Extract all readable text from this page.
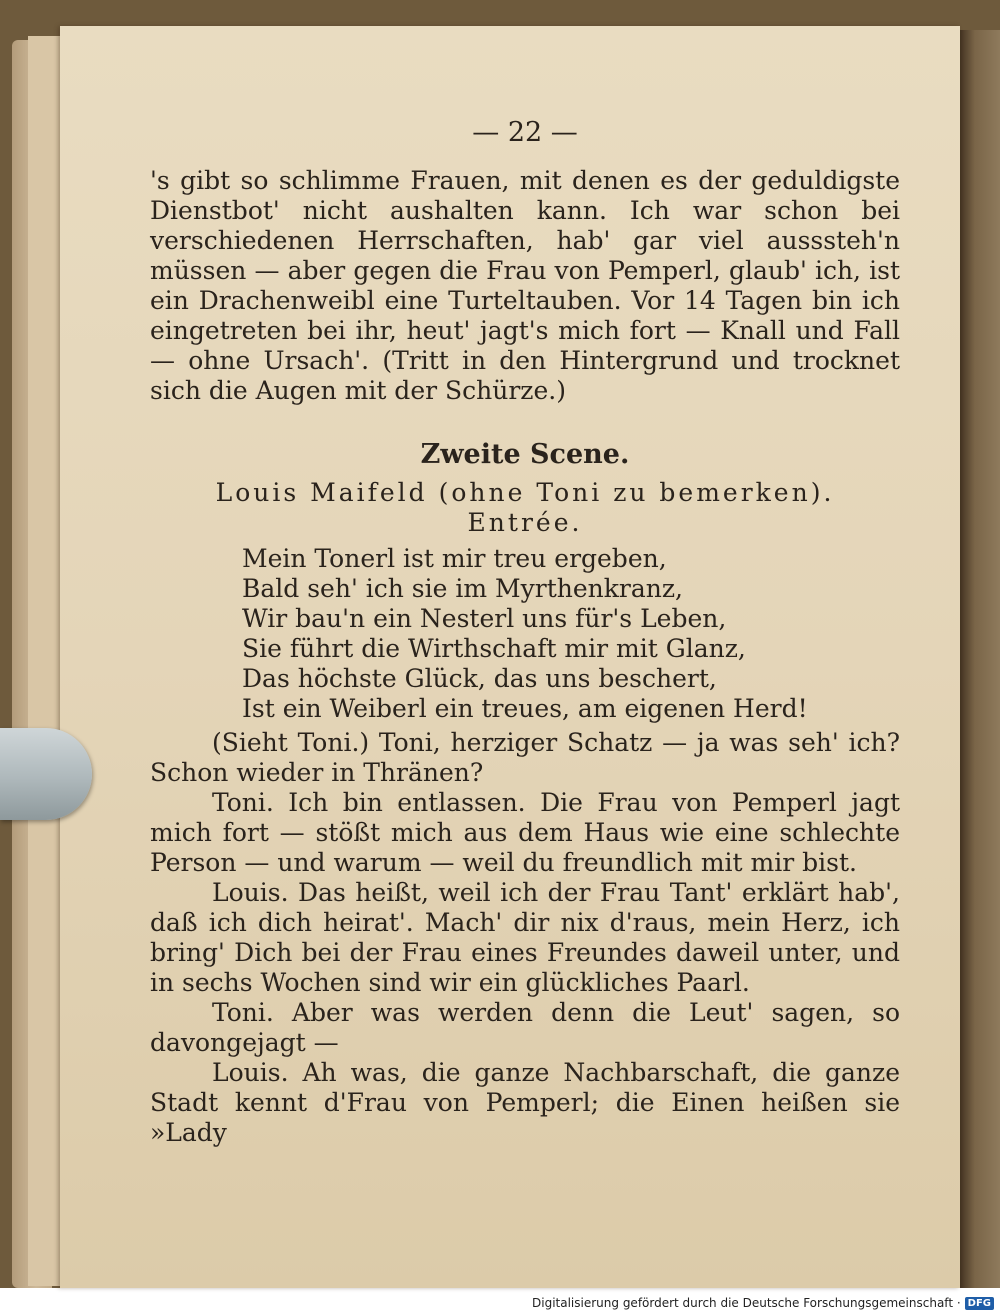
— 22 —

's gibt so schlimme Frauen, mit denen es der geduldigste Dienstbot' nicht aushalten kann. Ich war schon bei verschiedenen Herrschaften, hab' gar viel ausssteh'n müssen — aber gegen die Frau von Pemperl, glaub' ich, ist ein Drachenweibl eine Turteltauben. Vor 14 Tagen bin ich eingetreten bei ihr, heut' jagt's mich fort — Knall und Fall — ohne Ursach'. (Tritt in den Hintergrund und trocknet sich die Augen mit der Schürze.)

Zweite Scene.

Louis Maifeld (ohne Toni zu bemerken).

Entrée.

Mein Tonerl ist mir treu ergeben,
Bald seh' ich sie im Myrthenkranz,
Wir bau'n ein Nesterl uns für's Leben,
Sie führt die Wirthschaft mir mit Glanz,
Das höchste Glück, das uns beschert,
Ist ein Weiberl ein treues, am eigenen Herd!

(Sieht Toni.) Toni, herziger Schatz — ja was seh' ich? Schon wieder in Thränen?

Toni. Ich bin entlassen. Die Frau von Pemperl jagt mich fort — stößt mich aus dem Haus wie eine schlechte Person — und warum — weil du freundlich mit mir bist.

Louis. Das heißt, weil ich der Frau Tant' erklärt hab', daß ich dich heirat'. Mach' dir nix d'raus, mein Herz, ich bring' Dich bei der Frau eines Freundes daweil unter, und in sechs Wochen sind wir ein glückliches Paarl.

Toni. Aber was werden denn die Leut' sagen, so davongejagt —

Louis. Ah was, die ganze Nachbarschaft, die ganze Stadt kennt d'Frau von Pemperl; die Einen heißen sie »Lady

Digitalisierung gefördert durch die Deutsche Forschungsgemeinschaft · DFG
